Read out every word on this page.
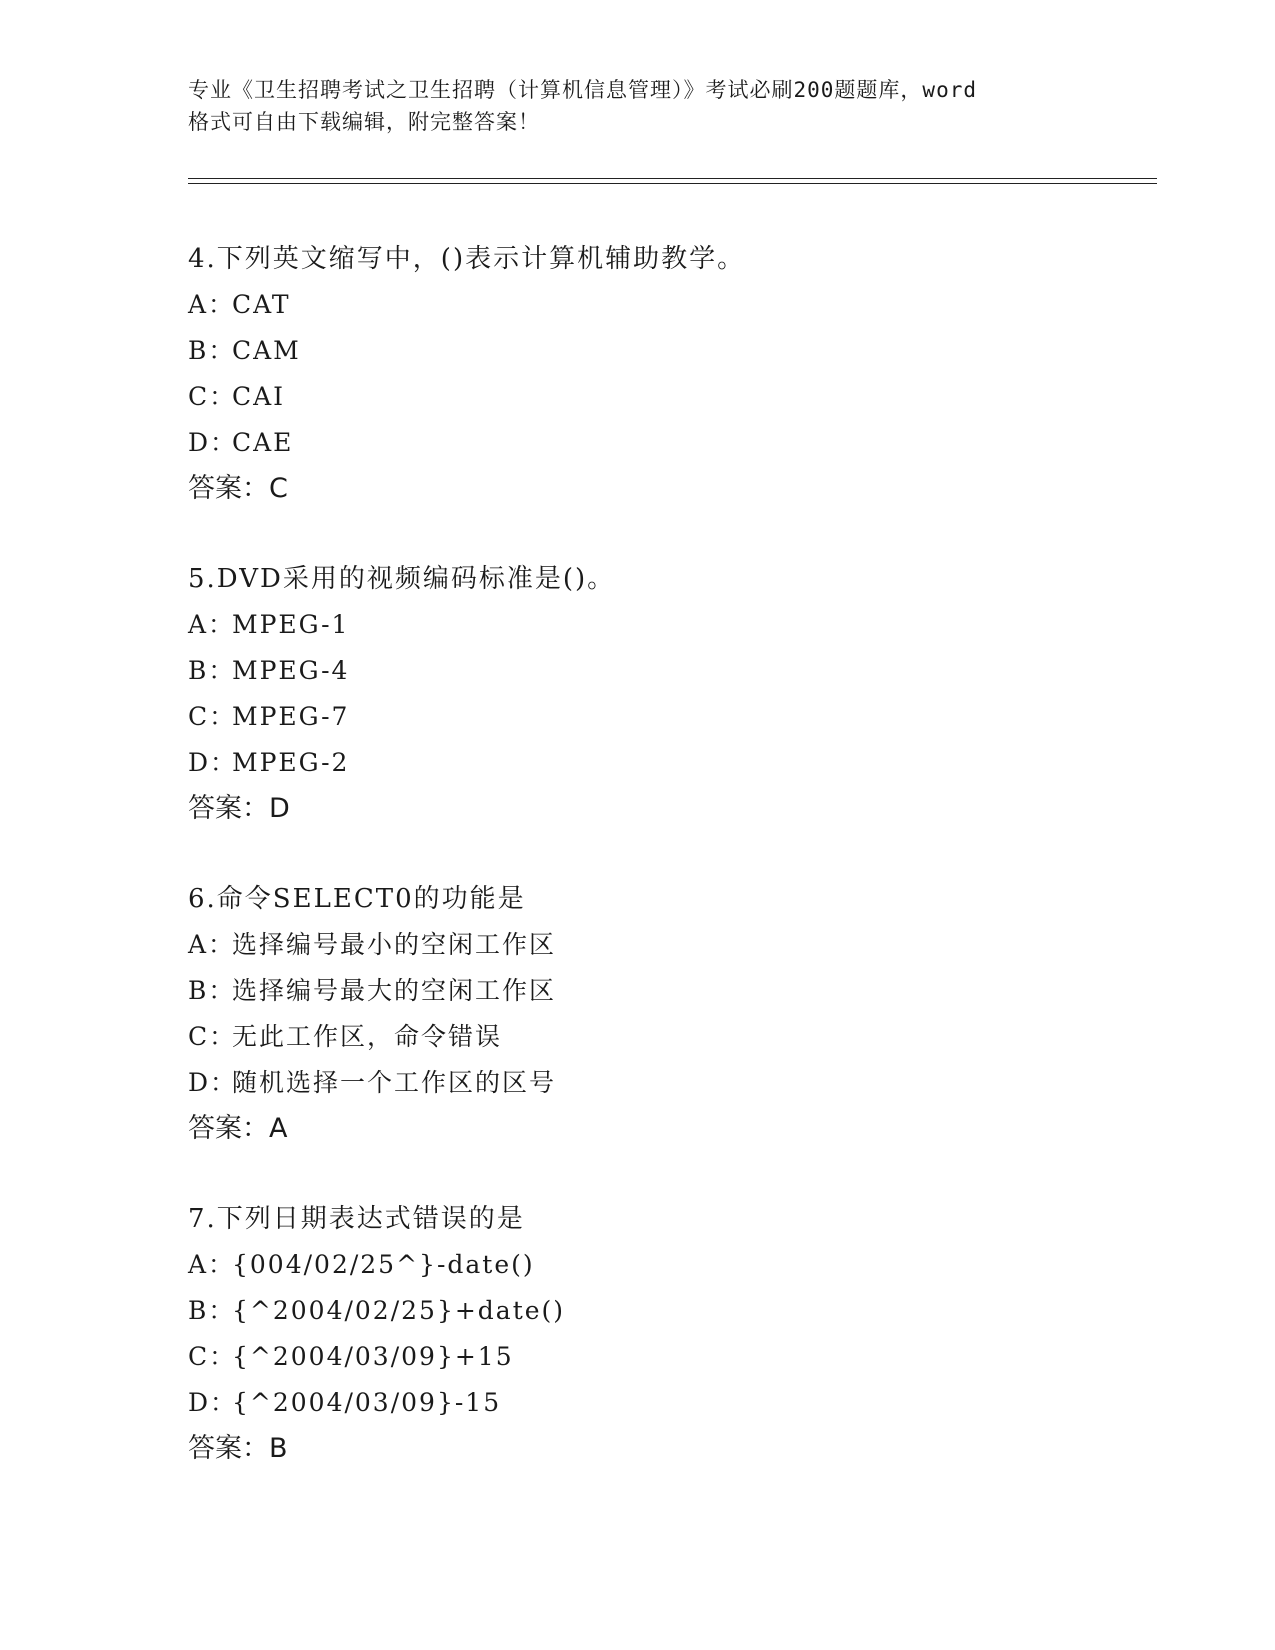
专业《卫生招聘考试之卫生招聘（计算机信息管理）》考试必刷200题题库，word
格式可自由下载编辑，附完整答案！
4.下列英文缩写中，()表示计算机辅助教学。
A：CAT
B：CAM
C：CAI
D：CAE
答案：C
5.DVD采用的视频编码标准是()。
A：MPEG-1
B：MPEG-4
C：MPEG-7
D：MPEG-2
答案：D
6.命令SELECT0的功能是
A：选择编号最小的空闲工作区
B：选择编号最大的空闲工作区
C：无此工作区，命令错误
D：随机选择一个工作区的区号
答案：A
7.下列日期表达式错误的是
A：{004/02/25^}-date()
B：{^2004/02/25}+date()
C：{^2004/03/09}+15
D：{^2004/03/09}-15
答案：B
